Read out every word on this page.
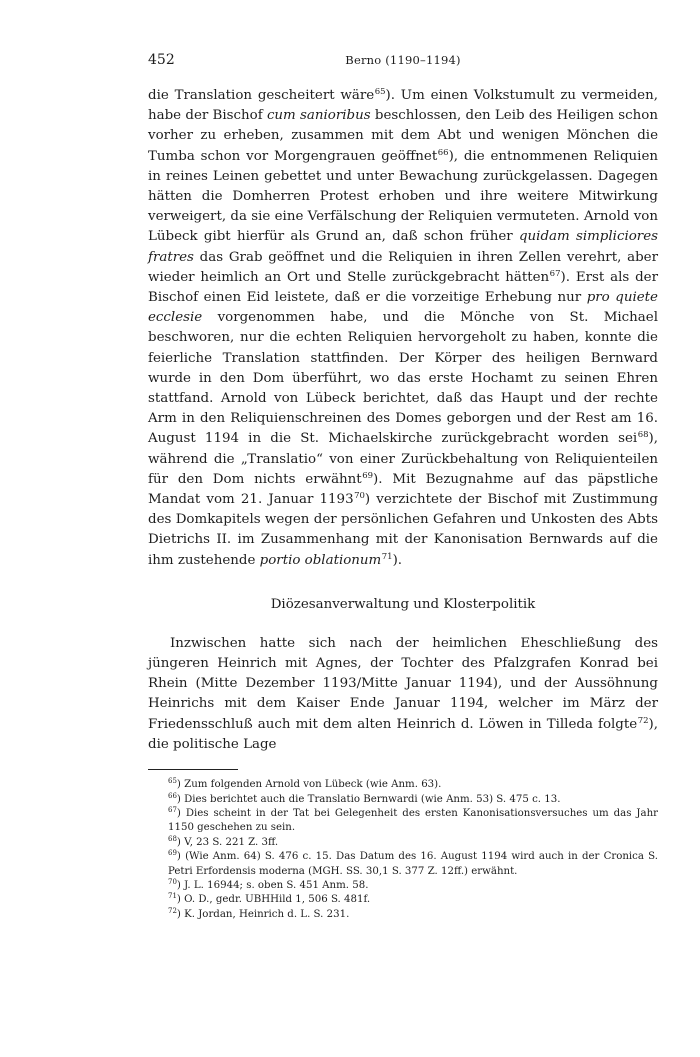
452	Berno (1190–1194)

die Translation gescheitert wäre$^{65}$). Um einen Volkstumult zu vermeiden, habe der Bischof cum sanioribus beschlossen, den Leib des Heiligen schon vorher zu erheben, zusammen mit dem Abt und wenigen Mönchen die Tumba schon vor Morgengrauen geöffnet$^{66}$), die entnommenen Reliquien in reines Leinen gebettet und unter Bewachung zurückgelassen. Dagegen hätten die Domherren Protest erhoben und ihre weitere Mitwirkung verweigert, da sie eine Verfälschung der Reliquien vermuteten. Arnold von Lübeck gibt hierfür als Grund an, daß schon früher quidam simpliciores fratres das Grab geöffnet und die Reliquien in ihren Zellen verehrt, aber wieder heimlich an Ort und Stelle zurückgebracht hätten$^{67}$). Erst als der Bischof einen Eid leistete, daß er die vorzeitige Erhebung nur pro quiete ecclesie vorgenommen habe, und die Mönche von St. Michael beschworen, nur die echten Reliquien hervorgeholt zu haben, konnte die feierliche Translation stattfinden. Der Körper des heiligen Bernward wurde in den Dom überführt, wo das erste Hochamt zu seinen Ehren stattfand. Arnold von Lübeck berichtet, daß das Haupt und der rechte Arm in den Reliquienschreinen des Domes geborgen und der Rest am 16. August 1194 in die St. Michaelskirche zurückgebracht worden sei$^{68}$), während die „Translatio“ von einer Zurückbehaltung von Reliquienteilen für den Dom nichts erwähnt$^{69}$). Mit Bezugnahme auf das päpstliche Mandat vom 21. Januar 1193$^{70}$) verzichtete der Bischof mit Zustimmung des Domkapitels wegen der persönlichen Gefahren und Unkosten des Abts Dietrichs II. im Zusammenhang mit der Kanonisation Bernwards auf die ihm zustehende portio oblationum$^{71}$).

Diözesanverwaltung und Klosterpolitik

Inzwischen hatte sich nach der heimlichen Eheschließung des jüngeren Heinrich mit Agnes, der Tochter des Pfalzgrafen Konrad bei Rhein (Mitte Dezember 1193/Mitte Januar 1194), und der Aussöhnung Heinrichs mit dem Kaiser Ende Januar 1194, welcher im März der Friedensschluß auch mit dem alten Heinrich d. Löwen in Tilleda folgte$^{72}$), die politische Lage

$^{65}$) Zum folgenden Arnold von Lübeck (wie Anm. 63).
$^{66}$) Dies berichtet auch die Translatio Bernwardi (wie Anm. 53) S. 475 c. 13.
$^{67}$) Dies scheint in der Tat bei Gelegenheit des ersten Kanonisationsversuches um das Jahr 1150 geschehen zu sein.
$^{68}$) V, 23 S. 221 Z. 3ff.
$^{69}$) (Wie Anm. 64) S. 476 c. 15. Das Datum des 16. August 1194 wird auch in der Cronica S. Petri Erfordensis moderna (MGH. SS. 30,1 S. 377 Z. 12ff.) erwähnt.
$^{70}$) J. L. 16944; s. oben S. 451 Anm. 58.
$^{71}$) O. D., gedr. UBHHild 1, 506 S. 481f.
$^{72}$) K. Jordan, Heinrich d. L. S. 231.
